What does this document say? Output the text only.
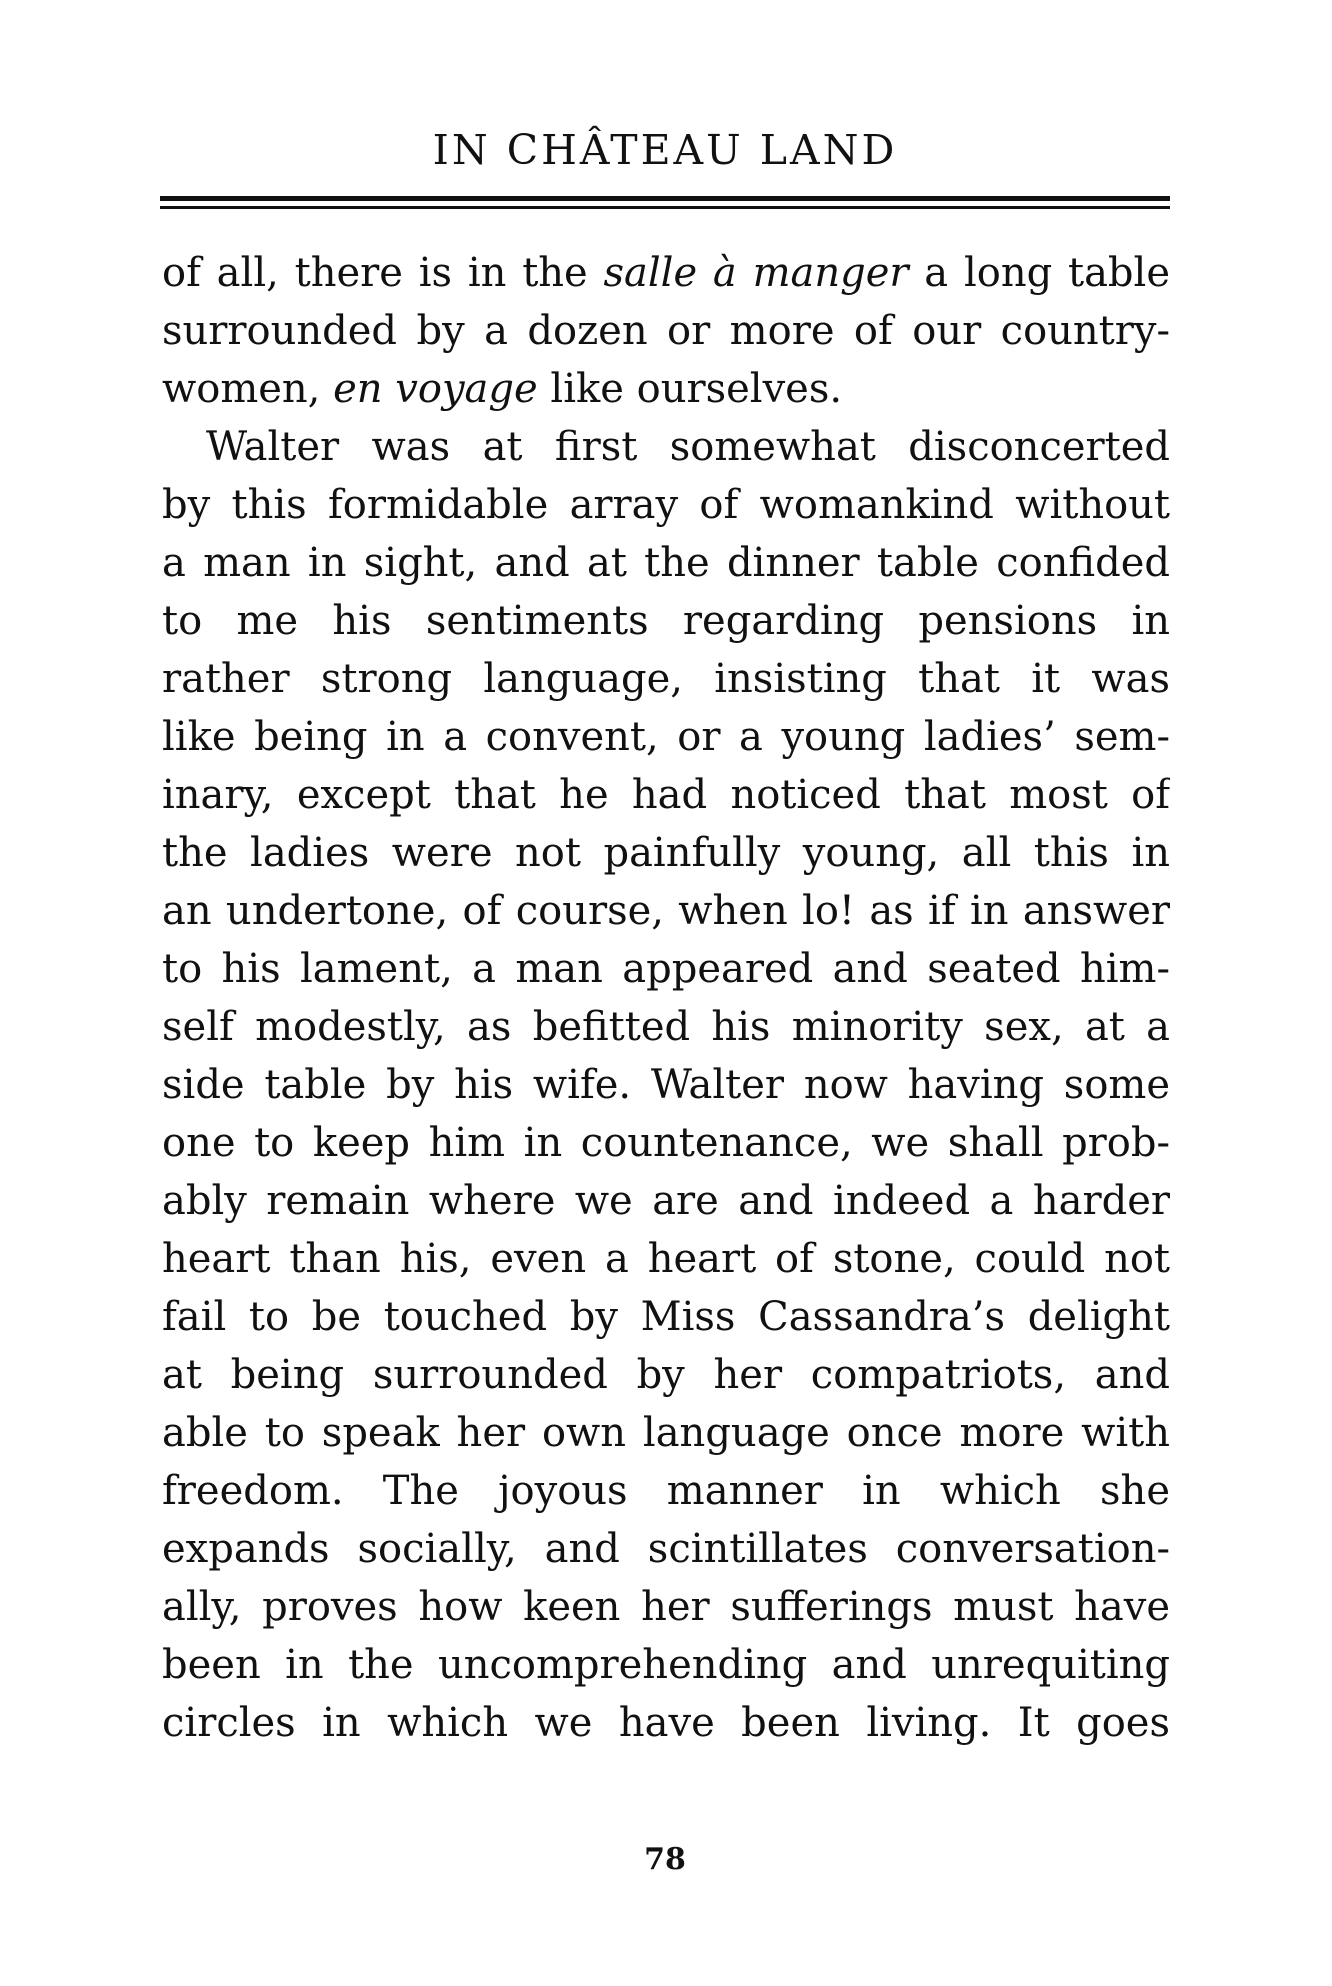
IN CHÂTEAU LAND
of all, there is in the salle à manger a long table
surrounded by a dozen or more of our country-
women, en voyage like ourselves.
Walter was at first somewhat disconcerted
by this formidable array of womankind without
a man in sight, and at the dinner table confided
to me his sentiments regarding pensions in
rather strong language, insisting that it was
like being in a convent, or a young ladies’ sem-
inary, except that he had noticed that most of
the ladies were not painfully young, all this in
an undertone, of course, when lo! as if in answer
to his lament, a man appeared and seated him-
self modestly, as befitted his minority sex, at a
side table by his wife. Walter now having some
one to keep him in countenance, we shall prob-
ably remain where we are and indeed a harder
heart than his, even a heart of stone, could not
fail to be touched by Miss Cassandra’s delight
at being surrounded by her compatriots, and
able to speak her own language once more with
freedom. The joyous manner in which she
expands socially, and scintillates conversation-
ally, proves how keen her sufferings must have
been in the uncomprehending and unrequiting
circles in which we have been living. It goes
78
